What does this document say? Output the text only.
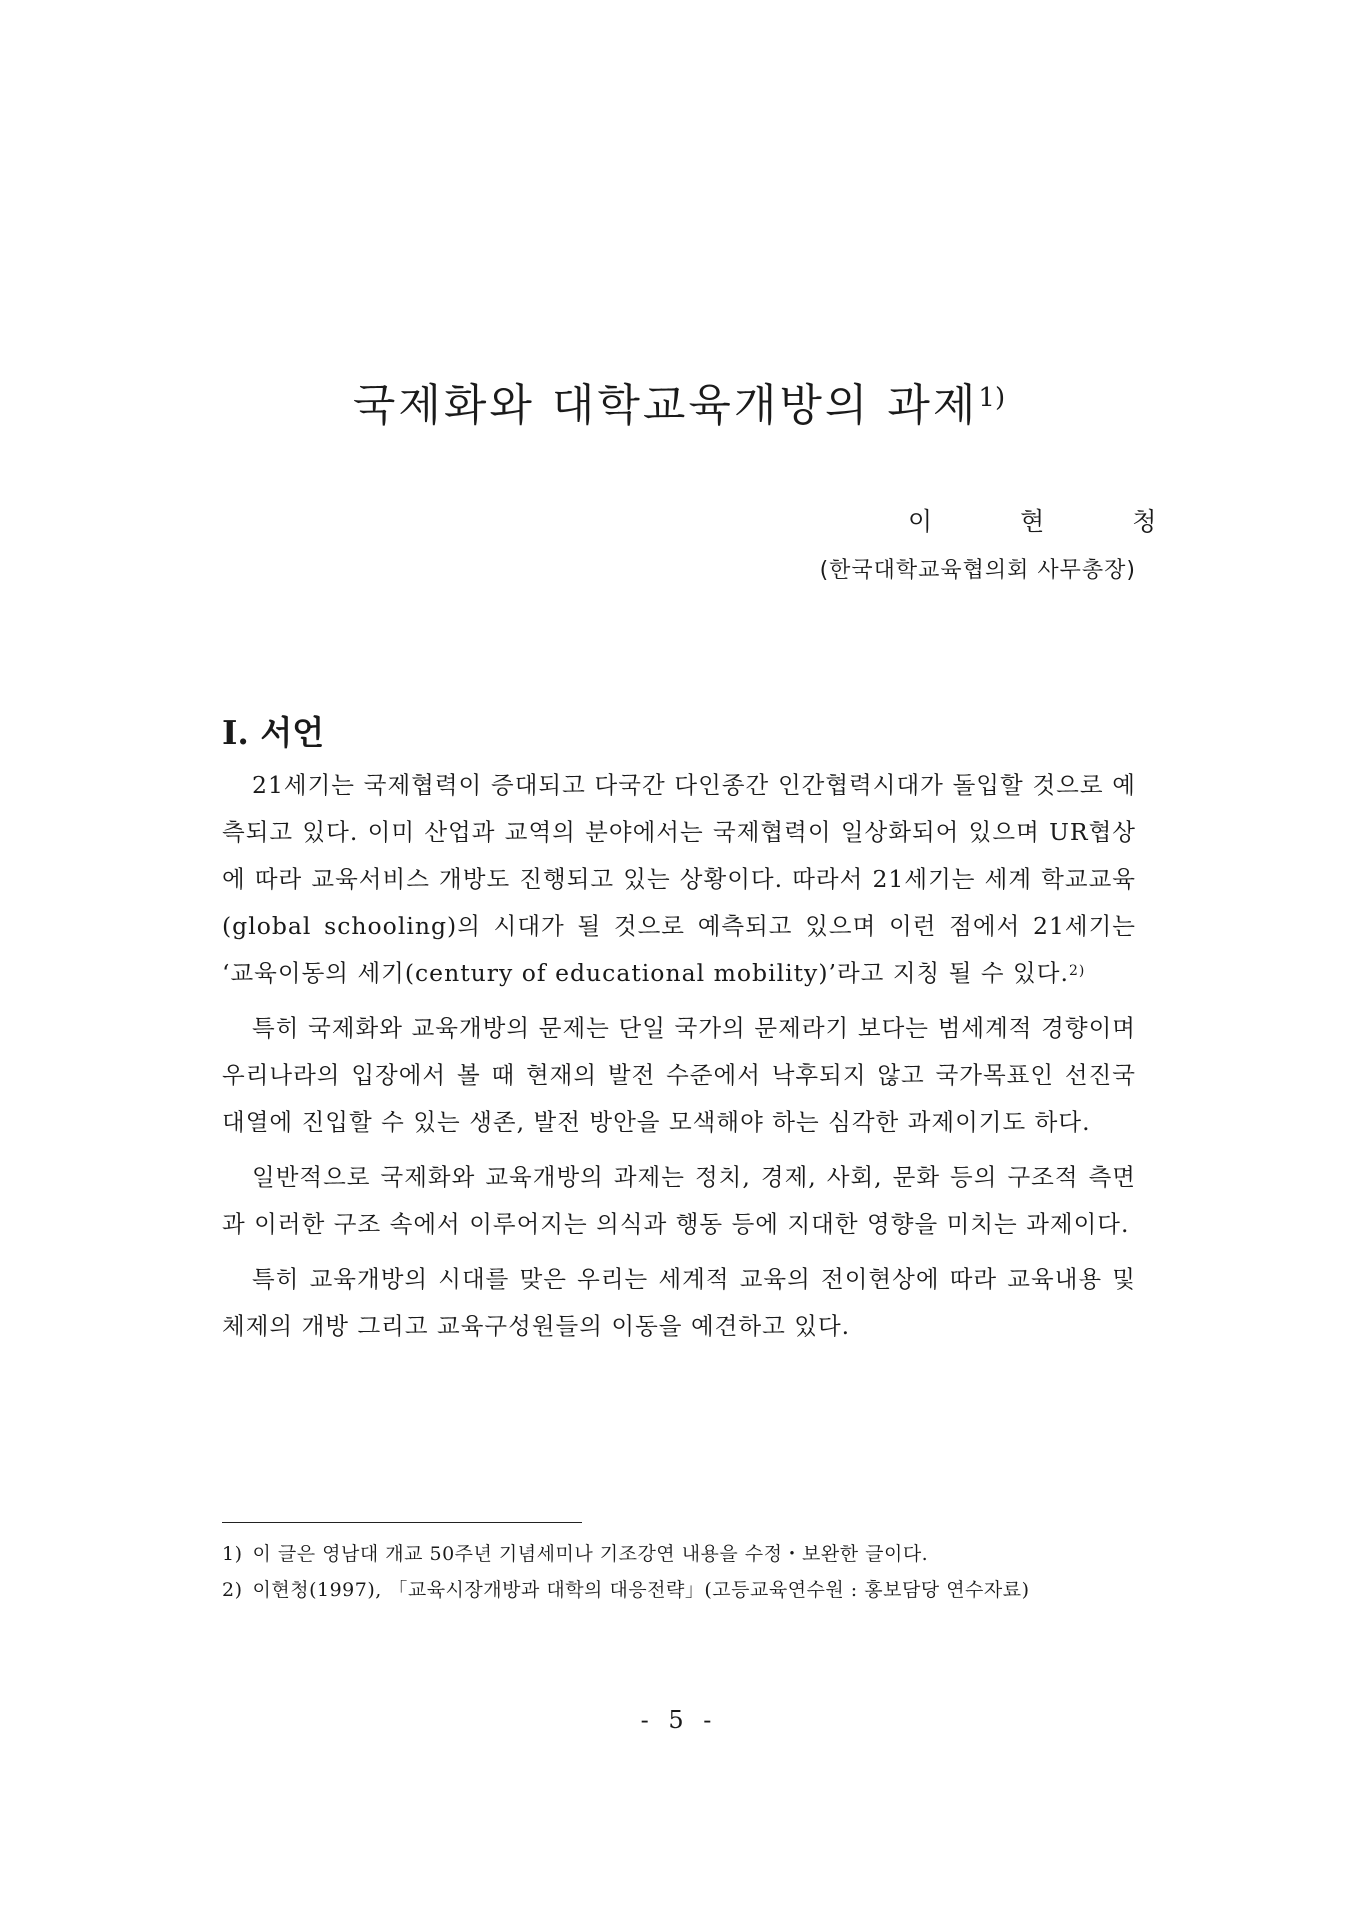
국제화와 대학교육개방의 과제$^{1)}$
이 현 청
(한국대학교육협의회 사무총장)
Ⅰ. 서언

21세기는 국제협력이 증대되고 다국간 다인종간 인간협력시대가 돌입할 것으로 예측되고 있다. 이미 산업과 교역의 분야에서는 국제협력이 일상화되어 있으며 UR협상에 따라 교육서비스 개방도 진행되고 있는 상황이다. 따라서 21세기는 세계 학교교육(global schooling)의 시대가 될 것으로 예측되고 있으며 이런 점에서 21세기는 ‘교육이동의 세기(century of educational mobility)’라고 지칭 될 수 있다.$^{2)}$

특히 국제화와 교육개방의 문제는 단일 국가의 문제라기 보다는 범세계적 경향이며 우리나라의 입장에서 볼 때 현재의 발전 수준에서 낙후되지 않고 국가목표인 선진국 대열에 진입할 수 있는 생존, 발전 방안을 모색해야 하는 심각한 과제이기도 하다.

일반적으로 국제화와 교육개방의 과제는 정치, 경제, 사회, 문화 등의 구조적 측면과 이러한 구조 속에서 이루어지는 의식과 행동 등에 지대한 영향을 미치는 과제이다.

특히 교육개방의 시대를 맞은 우리는 세계적 교육의 전이현상에 따라 교육내용 및 체제의 개방 그리고 교육구성원들의 이동을 예견하고 있다.

1) 이 글은 영남대 개교 50주년 기념세미나 기조강연 내용을 수정・보완한 글이다.
2) 이현청(1997), 「교육시장개방과 대학의 대응전략」(고등교육연수원 : 홍보담당 연수자료)
- 5 -
